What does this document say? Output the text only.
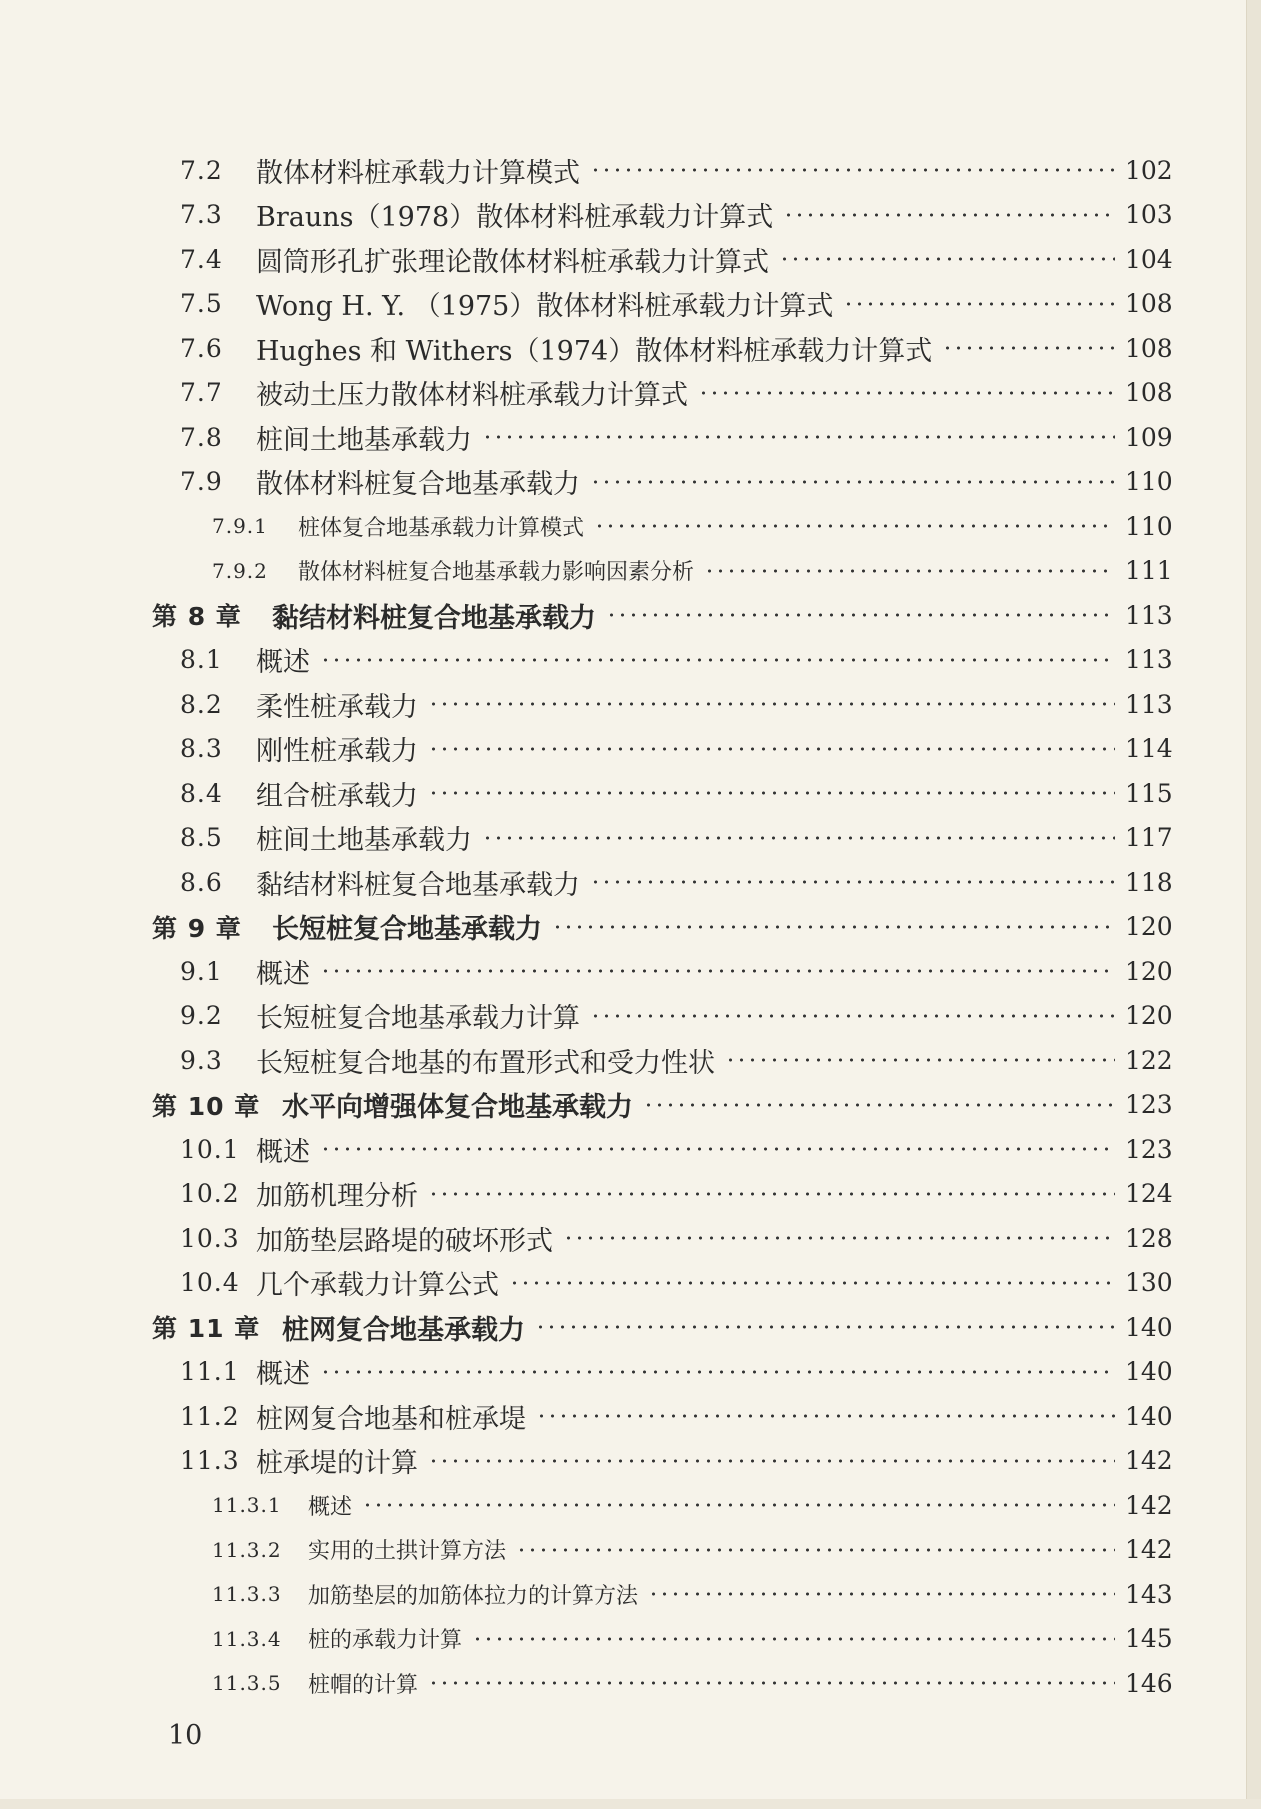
7.2 散体材料桩承载力计算模式	102
7.3 Brauns（1978）散体材料桩承载力计算式	103
7.4 圆筒形孔扩张理论散体材料桩承载力计算式	104
7.5 Wong H. Y. （1975）散体材料桩承载力计算式	108
7.6 Hughes 和 Withers（1974）散体材料桩承载力计算式	108
7.7 被动土压力散体材料桩承载力计算式	108
7.8 桩间土地基承载力	109
7.9 散体材料桩复合地基承载力	110
7.9.1 桩体复合地基承载力计算模式	110
7.9.2 散体材料桩复合地基承载力影响因素分析	111
第 8 章 黏结材料桩复合地基承载力	113
8.1 概述	113
8.2 柔性桩承载力	113
8.3 刚性桩承载力	114
8.4 组合桩承载力	115
8.5 桩间土地基承载力	117
8.6 黏结材料桩复合地基承载力	118
第 9 章 长短桩复合地基承载力	120
9.1 概述	120
9.2 长短桩复合地基承载力计算	120
9.3 长短桩复合地基的布置形式和受力性状	122
第 10 章 水平向增强体复合地基承载力	123
10.1 概述	123
10.2 加筋机理分析	124
10.3 加筋垫层路堤的破坏形式	128
10.4 几个承载力计算公式	130
第 11 章 桩网复合地基承载力	140
11.1 概述	140
11.2 桩网复合地基和桩承堤	140
11.3 桩承堤的计算	142
11.3.1 概述	142
11.3.2 实用的土拱计算方法	142
11.3.3 加筋垫层的加筋体拉力的计算方法	143
11.3.4 桩的承载力计算	145
11.3.5 桩帽的计算	146
10
